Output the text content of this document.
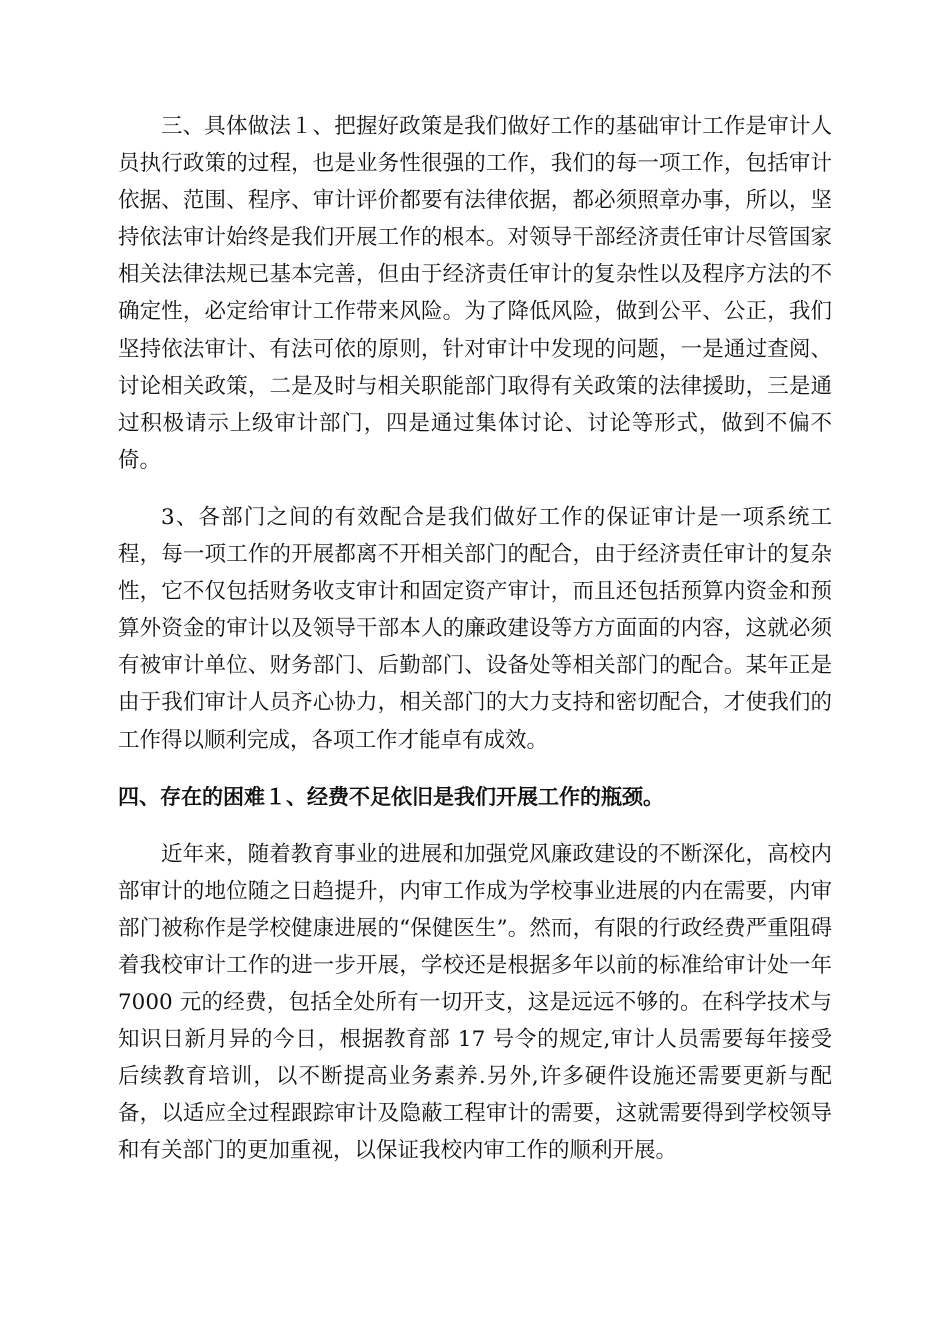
三、具体做法１、把握好政策是我们做好工作的基础审计工作是审计人员执行政策的过程，也是业务性很强的工作，我们的每一项工作，包括审计依据、范围、程序、审计评价都要有法律依据，都必须照章办事，所以，坚持依法审计始终是我们开展工作的根本。对领导干部经济责任审计尽管国家相关法律法规已基本完善，但由于经济责任审计的复杂性以及程序方法的不确定性，必定给审计工作带来风险。为了降低风险，做到公平、公正，我们坚持依法审计、有法可依的原则，针对审计中发现的问题，一是通过查阅、讨论相关政策，二是及时与相关职能部门取得有关政策的法律援助，三是通过积极请示上级审计部门，四是通过集体讨论、讨论等形式，做到不偏不倚。

3、各部门之间的有效配合是我们做好工作的保证审计是一项系统工程，每一项工作的开展都离不开相关部门的配合，由于经济责任审计的复杂性，它不仅包括财务收支审计和固定资产审计，而且还包括预算内资金和预算外资金的审计以及领导干部本人的廉政建设等方方面面的内容，这就必须有被审计单位、财务部门、后勤部门、设备处等相关部门的配合。某年正是由于我们审计人员齐心协力，相关部门的大力支持和密切配合，才使我们的工作得以顺利完成，各项工作才能卓有成效。

四、存在的困难１、经费不足依旧是我们开展工作的瓶颈。

近年来，随着教育事业的进展和加强党风廉政建设的不断深化，高校内部审计的地位随之日趋提升，内审工作成为学校事业进展的内在需要，内审部门被称作是学校健康进展的“保健医生”。然而，有限的行政经费严重阻碍着我校审计工作的进一步开展，学校还是根据多年以前的标准给审计处一年 7000 元的经费，包括全处所有一切开支，这是远远不够的。在科学技术与知识日新月异的今日，根据教育部 17 号令的规定,审计人员需要每年接受后续教育培训，以不断提高业务素养.另外,许多硬件设施还需要更新与配备，以适应全过程跟踪审计及隐蔽工程审计的需要，这就需要得到学校领导和有关部门的更加重视，以保证我校内审工作的顺利开展。
